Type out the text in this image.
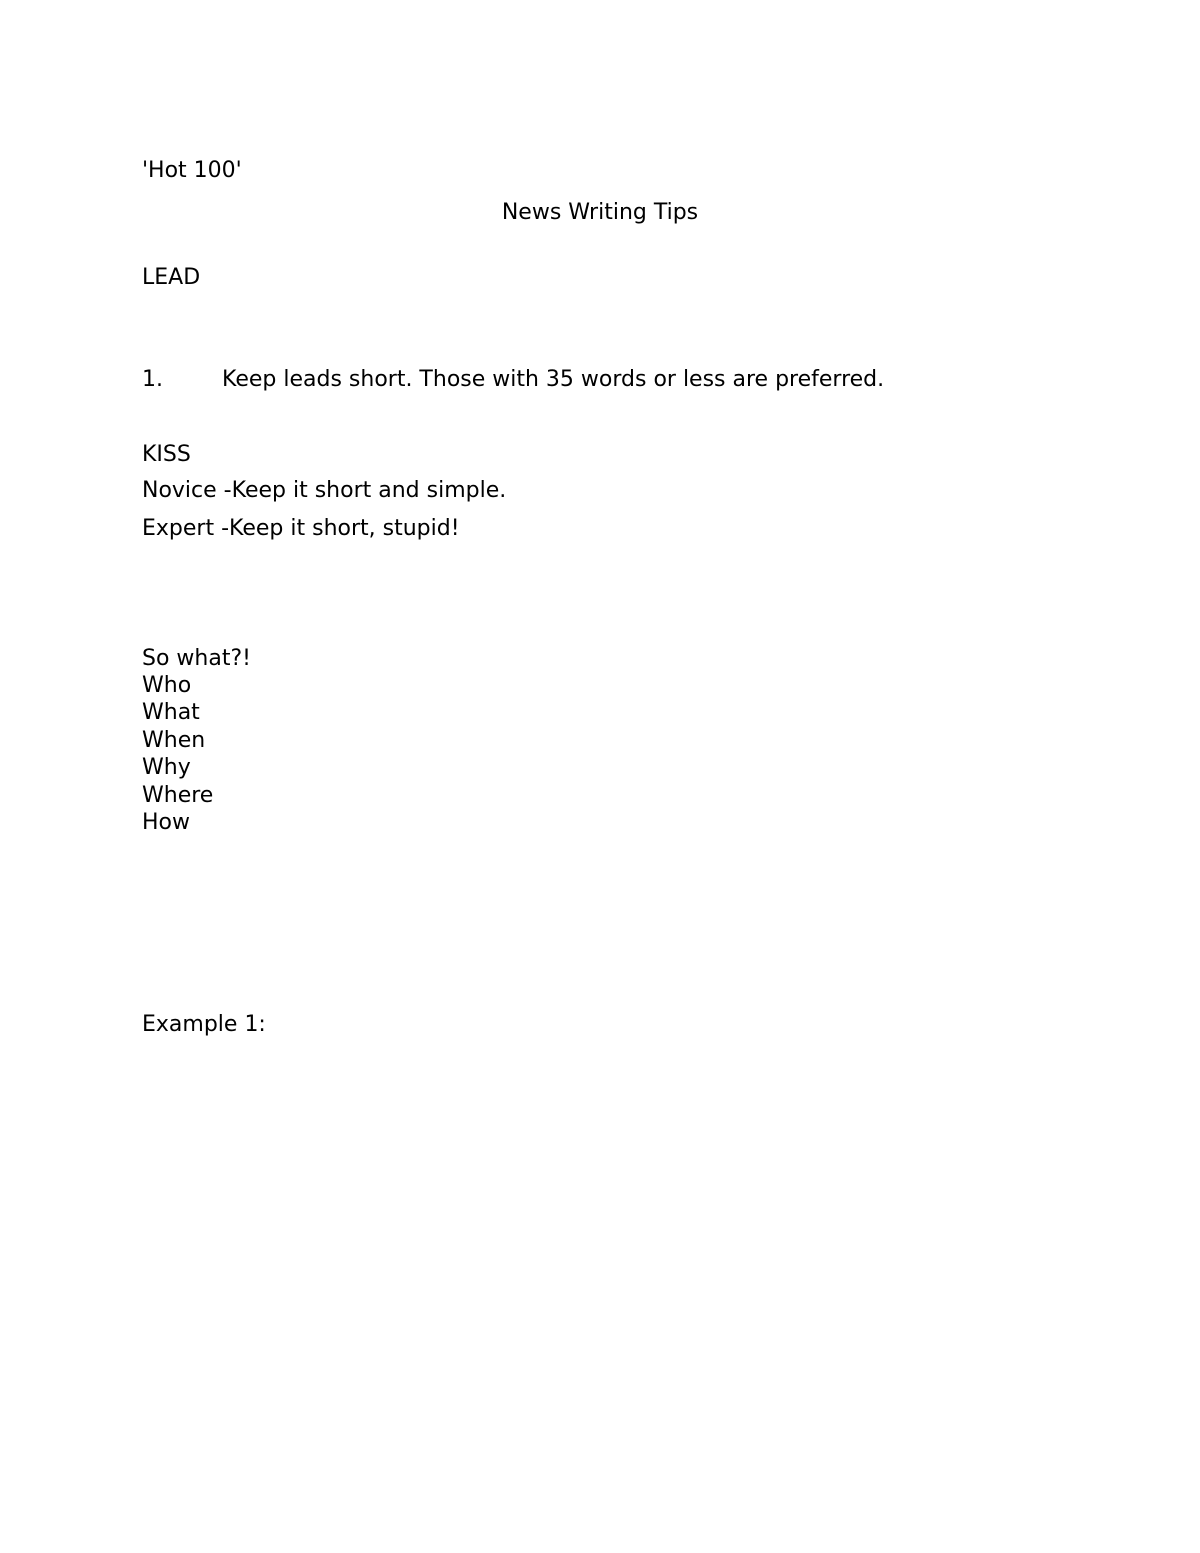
'Hot 100'
News Writing Tips
LEAD
1.	Keep leads short. Those with 35 words or less are preferred.
KISS
Novice -Keep it short and simple.
Expert -Keep it short, stupid!
So what?!
Who
What
When
Why
Where
How
Example 1:
